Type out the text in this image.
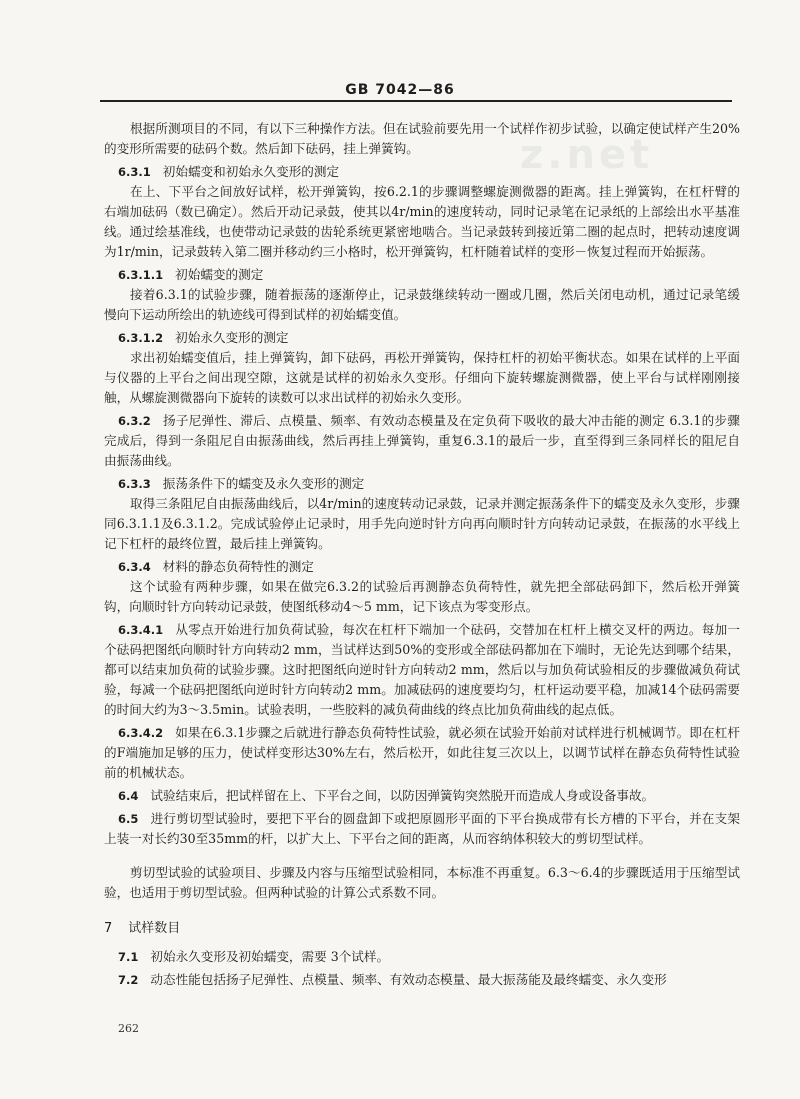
GB 7042—86
z.net

根据所测项目的不同，有以下三种操作方法。但在试验前要先用一个试样作初步试验，以确定使试样产生20%的变形所需要的砝码个数。然后卸下砝码，挂上弹簧钩。

6.3.1 初始蠕变和初始永久变形的测定

在上、下平台之间放好试样，松开弹簧钩，按6.2.1的步骤调整螺旋测微器的距离。挂上弹簧钩，在杠杆臂的右端加砝码（数已确定）。然后开动记录鼓，使其以4r/min的速度转动，同时记录笔在记录纸的上部绘出水平基准线。通过绘基准线，也使带动记录鼓的齿轮系统更紧密地啮合。当记录鼓转到接近第二圈的起点时，把转动速度调为1r/min，记录鼓转入第二圈并移动约三小格时，松开弹簧钩，杠杆随着试样的变形－恢复过程而开始振荡。

6.3.1.1 初始蠕变的测定

接着6.3.1的试验步骤，随着振荡的逐渐停止，记录鼓继续转动一圈或几圈，然后关闭电动机，通过记录笔缓慢向下运动所绘出的轨迹线可得到试样的初始蠕变值。

6.3.1.2 初始永久变形的测定

求出初始蠕变值后，挂上弹簧钩，卸下砝码，再松开弹簧钩，保持杠杆的初始平衡状态。如果在试样的上平面与仪器的上平台之间出现空隙，这就是试样的初始永久变形。仔细向下旋转螺旋测微器，使上平台与试样刚刚接触，从螺旋测微器向下旋转的读数可以求出试样的初始永久变形。

6.3.2 扬子尼弹性、滞后、点模量、频率、有效动态模量及在定负荷下吸收的最大冲击能的测定 6.3.1的步骤完成后，得到一条阻尼自由振荡曲线，然后再挂上弹簧钩，重复6.3.1的最后一步，直至得到三条同样长的阻尼自由振荡曲线。

6.3.3 振荡条件下的蠕变及永久变形的测定

取得三条阻尼自由振荡曲线后，以4r/min的速度转动记录鼓，记录并测定振荡条件下的蠕变及永久变形，步骤同6.3.1.1及6.3.1.2。完成试验停止记录时，用手先向逆时针方向再向顺时针方向转动记录鼓，在振荡的水平线上记下杠杆的最终位置，最后挂上弹簧钩。

6.3.4 材料的静态负荷特性的测定

这个试验有两种步骤，如果在做完6.3.2的试验后再测静态负荷特性，就先把全部砝码卸下，然后松开弹簧钩，向顺时针方向转动记录鼓，使图纸移动4～5 mm，记下该点为零变形点。

6.3.4.1 从零点开始进行加负荷试验，每次在杠杆下端加一个砝码，交替加在杠杆上横交叉杆的两边。每加一个砝码把图纸向顺时针方向转动2 mm，当试样达到50%的变形或全部砝码都加在下端时，无论先达到哪个结果，都可以结束加负荷的试验步骤。这时把图纸向逆时针方向转动2 mm，然后以与加负荷试验相反的步骤做减负荷试验，每减一个砝码把图纸向逆时针方向转动2 mm。加减砝码的速度要均匀，杠杆运动要平稳，加减14个砝码需要的时间大约为3～3.5min。试验表明，一些胶料的减负荷曲线的终点比加负荷曲线的起点低。

6.3.4.2 如果在6.3.1步骤之后就进行静态负荷特性试验，就必须在试验开始前对试样进行机械调节。即在杠杆的F端施加足够的压力，使试样变形达30%左右，然后松开，如此往复三次以上，以调节试样在静态负荷特性试验前的机械状态。

6.4 试验结束后，把试样留在上、下平台之间，以防因弹簧钩突然脱开而造成人身或设备事故。

6.5 进行剪切型试验时，要把下平台的圆盘卸下或把原圆形平面的下平台换成带有长方槽的下平台，并在支架上装一对长约30至35mm的杆，以扩大上、下平台之间的距离，从而容纳体积较大的剪切型试样。

剪切型试验的试验项目、步骤及内容与压缩型试验相同，本标准不再重复。6.3～6.4的步骤既适用于压缩型试验，也适用于剪切型试验。但两种试验的计算公式系数不同。

7 试样数目

7.1 初始永久变形及初始蠕变，需要 3个试样。

7.2 动态性能包括扬子尼弹性、点模量、频率、有效动态模量、最大振荡能及最终蠕变、永久变形

262
